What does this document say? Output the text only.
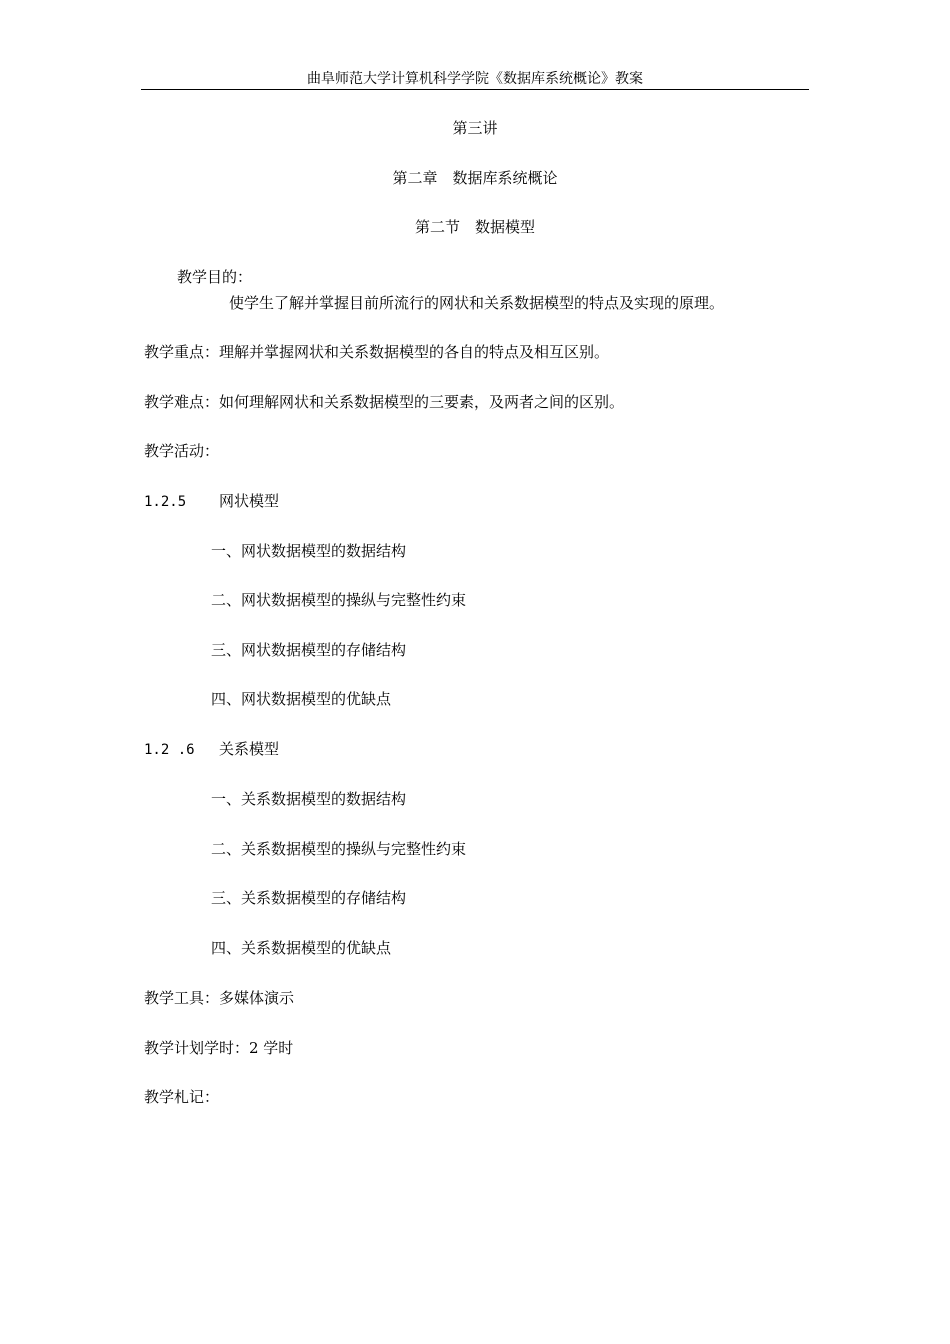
曲阜师范大学计算机科学学院《数据库系统概论》教案

第三讲

第二章　数据库系统概论

第二节　数据模型

教学目的：

使学生了解并掌握目前所流行的网状和关系数据模型的特点及实现的原理。

教学重点：理解并掌握网状和关系数据模型的各自的特点及相互区别。

教学难点：如何理解网状和关系数据模型的三要素，及两者之间的区别。

教学活动：

1.2.5 网状模型

一、网状数据模型的数据结构

二、网状数据模型的操纵与完整性约束

三、网状数据模型的存储结构

四、网状数据模型的优缺点

1.2 .6 关系模型

一、关系数据模型的数据结构

二、关系数据模型的操纵与完整性约束

三、关系数据模型的存储结构

四、关系数据模型的优缺点

教学工具：多媒体演示

教学计划学时：2 学时

教学札记：
